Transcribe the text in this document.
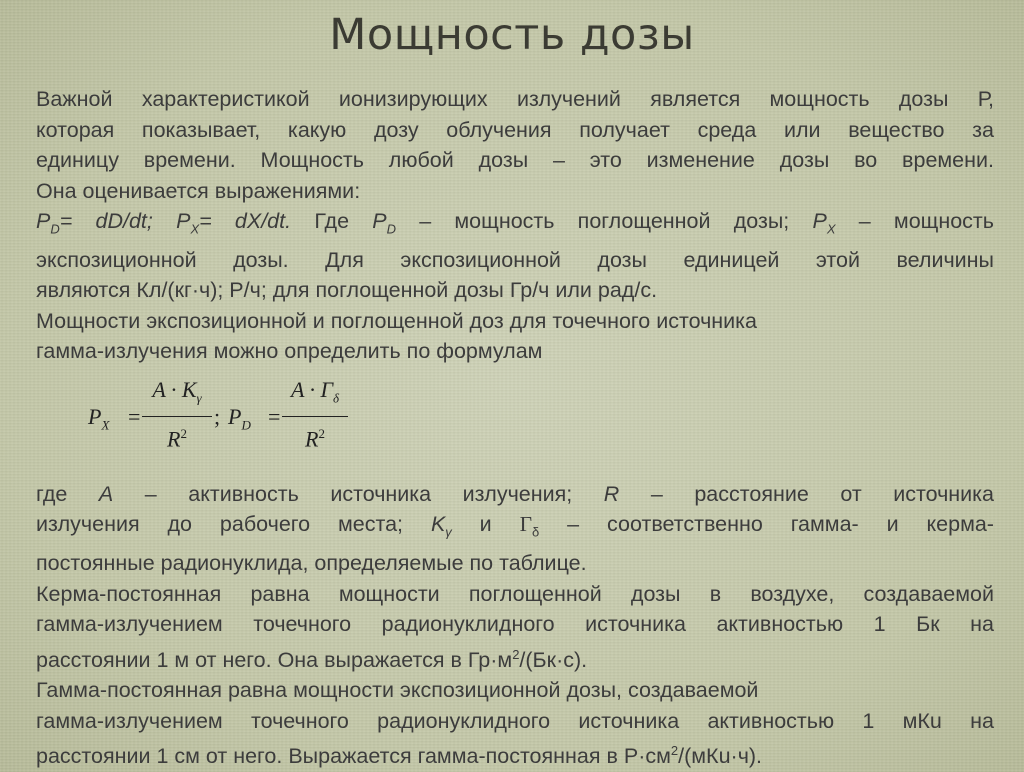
Мощность дозы
Важной характеристикой ионизирующих излучений является мощность дозы Р,
которая показывает, какую дозу облучения получает среда или вещество за
единицу времени. Мощность любой дозы – это изменение дозы во времени.
Она оценивается выражениями:
$P_D= dD/dt$; $P_X= dX/dt$. Где $P_D$ – мощность поглощенной дозы; $P_X$ – мощность
экспозиционной дозы. Для экспозиционной дозы единицей этой величины
являются Кл/(кг·ч); Р/ч; для поглощенной дозы Гр/ч или рад/с.
Мощности экспозиционной и поглощенной доз для точечного источника
гамма-излучения можно определить по формулам
$P_X = \frac{A \cdot K_\gamma}{R^2}$ ; $P_D = \frac{A \cdot \Gamma_\delta}{R^2}$
где A – активность источника излучения; R – расстояние от источника
излучения до рабочего места; $K_\gamma$ и $\Gamma_\delta$ – соответственно гамма- и керма-
постоянные радионуклида, определяемые по таблице.
Керма-постоянная равна мощности поглощенной дозы в воздухе, создаваемой
гамма-излучением точечного радионуклидного источника активностью 1 Бк на
расстоянии 1 м от него. Она выражается в $Гр\cdot м^2/(Бк\cdot с)$.
Гамма-постоянная равна мощности экспозиционной дозы, создаваемой
гамма-излучением точечного радионуклидного источника активностью 1 мКu на
расстоянии 1 см от него. Выражается гамма-постоянная в $Р\cdot см^2/(мКu\cdot ч)$.
